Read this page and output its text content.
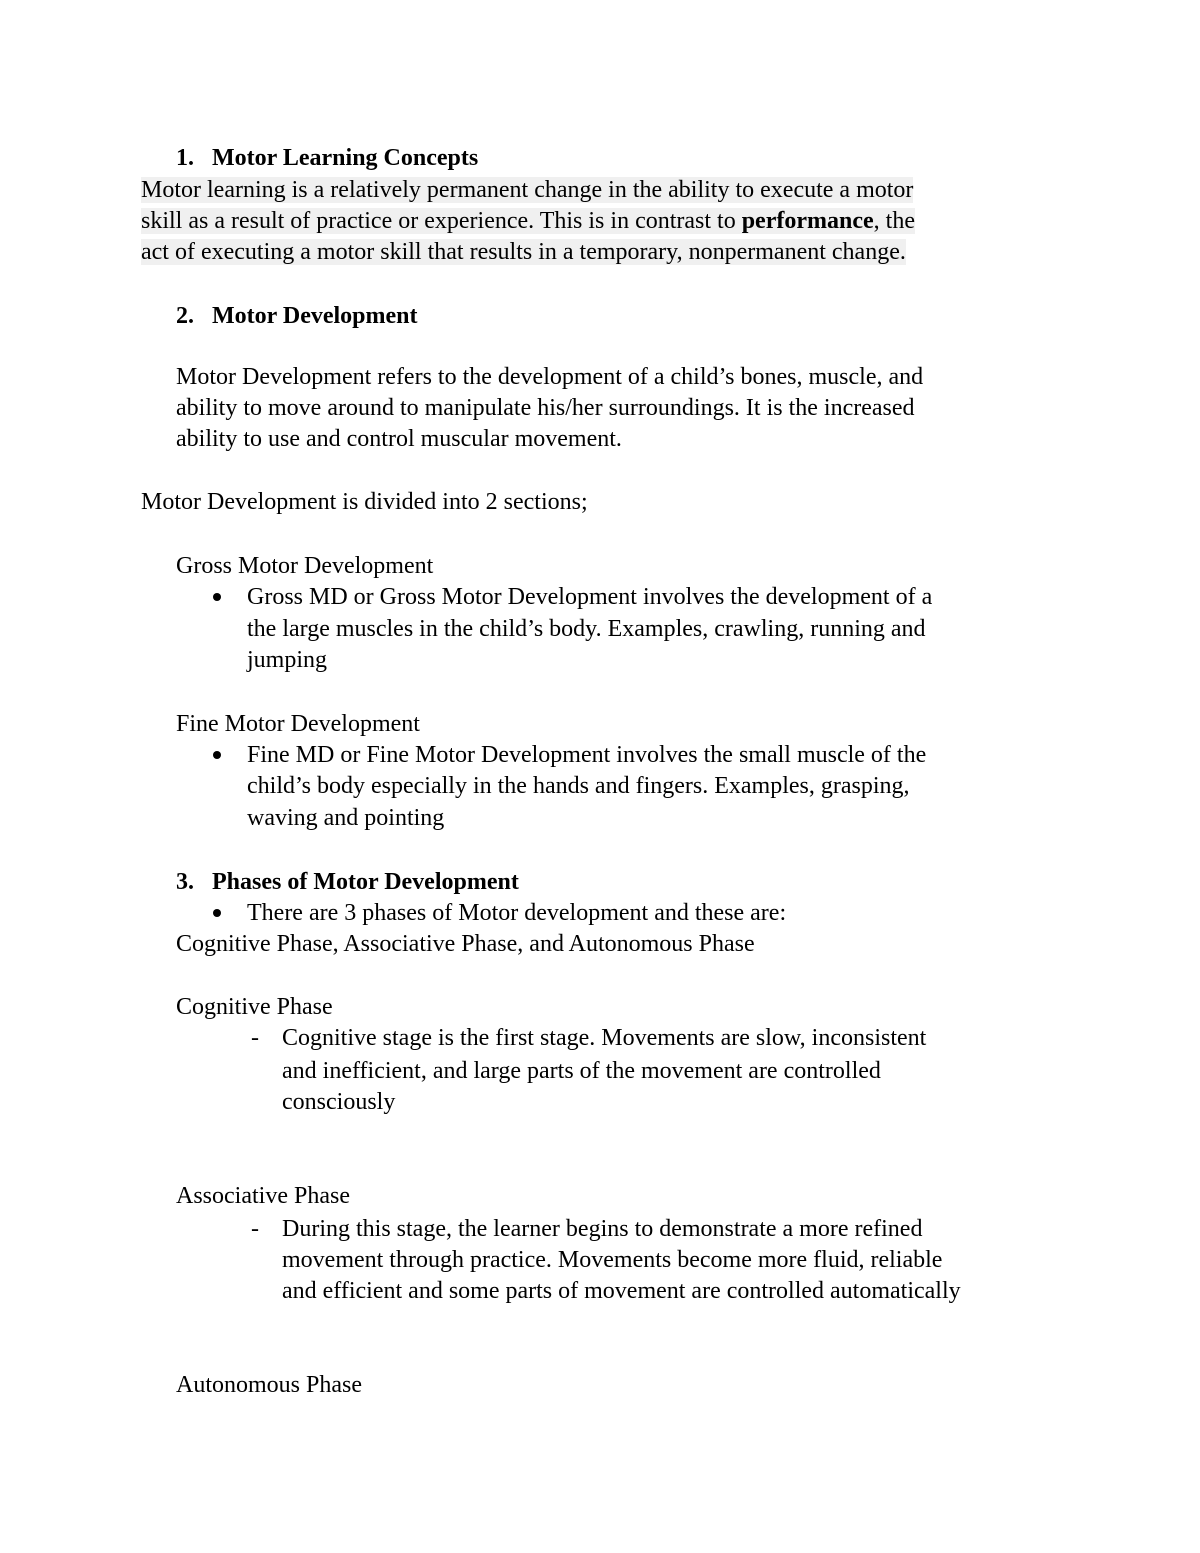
1. Motor Learning Concepts
Motor learning is a relatively permanent change in the ability to execute a motor
skill as a result of practice or experience. This is in contrast to performance, the
act of executing a motor skill that results in a temporary, nonpermanent change.
2. Motor Development
Motor Development refers to the development of a child’s bones, muscle, and
ability to move around to manipulate his/her surroundings. It is the increased
ability to use and control muscular movement.
Motor Development is divided into 2 sections;
Gross Motor Development
Gross MD or Gross Motor Development involves the development of a
the large muscles in the child’s body. Examples, crawling, running and
jumping
Fine Motor Development
Fine MD or Fine Motor Development involves the small muscle of the
child’s body especially in the hands and fingers. Examples, grasping,
waving and pointing
3. Phases of Motor Development
There are 3 phases of Motor development and these are:
Cognitive Phase, Associative Phase, and Autonomous Phase
Cognitive Phase
- Cognitive stage is the first stage. Movements are slow, inconsistent
and inefficient, and large parts of the movement are controlled
consciously
Associative Phase
- During this stage, the learner begins to demonstrate a more refined
movement through practice. Movements become more fluid, reliable
and efficient and some parts of movement are controlled automatically
Autonomous Phase
